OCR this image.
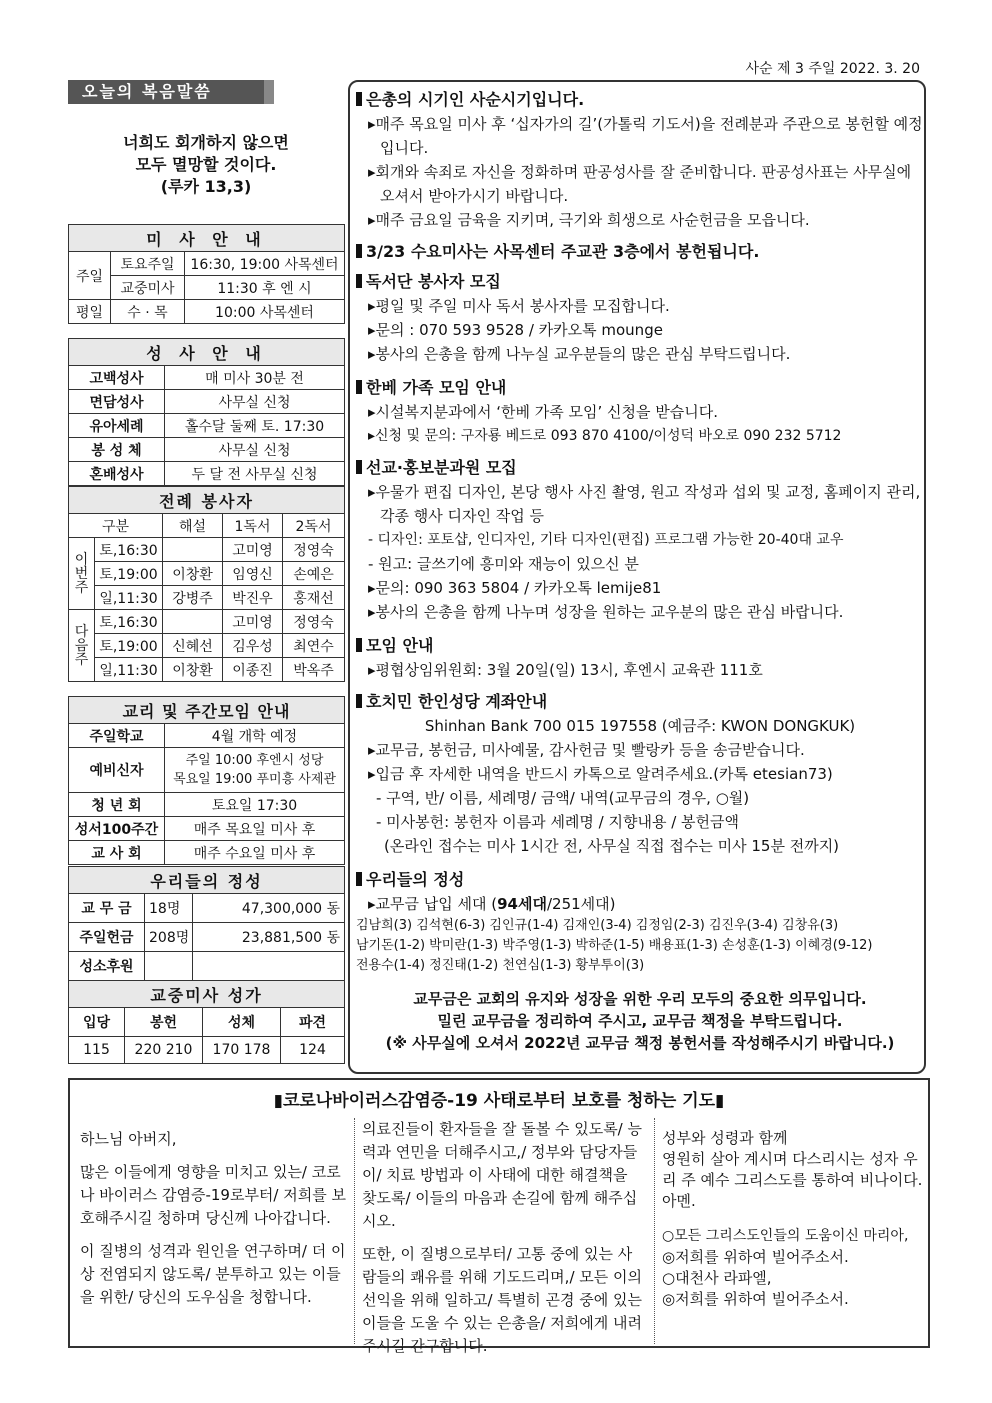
사순 제 3 주일 2022. 3. 20
오늘의 복음말씀
너희도 회개하지 않으면
모두 멸망할 것이다.
(루카 13,3)
미 사 안 내		
주일	토요주일	16:30, 19:00 사목센터
	교중미사	11:30 후 엔 시
평일	수 · 목	10:00 사목센터
성 사 안 내	
고백성사	매 미사 30분 전
면담성사	사무실 신청
유아세례	홀수달 둘째 토. 17:30
봉 성 체	사무실 신청
혼배성사	두 달 전 사무실 신청
전례 봉사자				
구분		해설	1독서	2독서
이번주	토,16:30		고미영	정영숙
	토,19:00	이창환	임영신	손예은
	일,11:30	강병주	박진우	홍재선
다음주	토,16:30		고미영	정영숙
	토,19:00	신혜선	김우성	최연수
	일,11:30	이창환	이종진	박옥주
교리 및 주간모임 안내	
주일학교	4월 개학 예정
예비신자	주일 10:00 후엔시 성당
목요일 19:00 푸미흥 사제관

청 년 회	토요일 17:30
성서100주간	매주 목요일 미사 후
교 사 회	매주 수요일 미사 후
우리들의 정성		
교 무 금	18명	47,300,000 동
주일헌금	208명	23,881,500 동
성소후원		
교중미사 성가			
입당	봉헌	성체	파견
115	220 210	170 178	124
은총의 시기인 사순시기입니다.
▸매주 목요일 미사 후 ‘십자가의 길’(가톨릭 기도서)을 전례분과 주관으로 봉헌할 예정입니다.
▸회개와 속죄로 자신을 정화하며 판공성사를 잘 준비합니다. 판공성사표는 사무실에 오셔서 받아가시기 바랍니다.
▸매주 금요일 금육을 지키며, 극기와 희생으로 사순헌금을 모읍니다.
3/23 수요미사는 사목센터 주교관 3층에서 봉헌됩니다.
독서단 봉사자 모집
▸평일 및 주일 미사 독서 봉사자를 모집합니다.
▸문의 : 070 593 9528 / 카카오톡 mounge
▸봉사의 은총을 함께 나누실 교우분들의 많은 관심 부탁드립니다.
한베 가족 모임 안내
▸시설복지분과에서 ‘한베 가족 모임’ 신청을 받습니다.
▸신청 및 문의: 구자룡 베드로 093 870 4100/이성덕 바오로 090 232 5712
선교·홍보분과원 모집
▸우물가 편집 디자인, 본당 행사 사진 촬영, 원고 작성과 섭외 및 교정, 홈페이지 관리, 각종 행사 디자인 작업 등
- 디자인: 포토샵, 인디자인, 기타 디자인(편집) 프로그램 가능한 20-40대 교우
- 원고: 글쓰기에 흥미와 재능이 있으신 분
▸문의: 090 363 5804 / 카카오톡 lemije81
▸봉사의 은총을 함께 나누며 성장을 원하는 교우분의 많은 관심 바랍니다.
모임 안내
▸평협상임위원회: 3월 20일(일) 13시, 후엔시 교육관 111호
호치민 한인성당 계좌안내
Shinhan Bank 700 015 197558 (예금주: KWON DONGKUK)
▸교무금, 봉헌금, 미사예물, 감사헌금 및 빨랑카 등을 송금받습니다.
▸입금 후 자세한 내역을 반드시 카톡으로 알려주세요.(카톡 etesian73)
- 구역, 반/ 이름, 세례명/ 금액/ 내역(교무금의 경우, ○월)
- 미사봉헌: 봉헌자 이름과 세례명 / 지향내용 / 봉헌금액
(온라인 접수는 미사 1시간 전, 사무실 직접 접수는 미사 15분 전까지)
우리들의 정성
▸교무금 납입 세대 (94세대/251세대)
김남희(3) 김석현(6-3) 김인규(1-4) 김재인(3-4) 김정임(2-3) 김진우(3-4) 김창유(3)
남기돈(1-2) 박미란(1-3) 박주영(1-3) 박하준(1-5) 배용표(1-3) 손성훈(1-3) 이혜경(9-12)
전용수(1-4) 정진태(1-2) 천연심(1-3) 황부투이(3)
교무금은 교회의 유지와 성장을 위한 우리 모두의 중요한 의무입니다.
밀린 교무금을 정리하여 주시고, 교무금 책정을 부탁드립니다.
(※ 사무실에 오셔서 2022년 교무금 책정 봉헌서를 작성해주시기 바랍니다.)
▮코로나바이러스감염증-19 사태로부터 보호를 청하는 기도▮

하느님 아버지,

많은 이들에게 영향을 미치고 있는/ 코로나 바이러스 감염증-19로부터/ 저희를 보호해주시길 청하며 당신께 나아갑니다.

이 질병의 성격과 원인을 연구하며/ 더 이상 전염되지 않도록/ 분투하고 있는 이들을 위한/ 당신의 도우심을 청합니다.

의료진들이 환자들을 잘 돌볼 수 있도록/ 능력과 연민을 더해주시고,/ 정부와 담당자들이/ 치료 방법과 이 사태에 대한 해결책을 찾도록/ 이들의 마음과 손길에 함께 해주십시오.

또한, 이 질병으로부터/ 고통 중에 있는 사람들의 쾌유를 위해 기도드리며,/ 모든 이의 선익을 위해 일하고/ 특별히 곤경 중에 있는 이들을 도울 수 있는 은총을/ 저희에게 내려주시길 간구합니다.

성부와 성령과 함께
영원히 살아 계시며 다스리시는 성자 우리 주 예수 그리스도를 통하여 비나이다.
아멘.
○모든 그리스도인들의 도움이신 마리아,
◎저희를 위하여 빌어주소서.
○대천사 라파엘,
◎저희를 위하여 빌어주소서.
